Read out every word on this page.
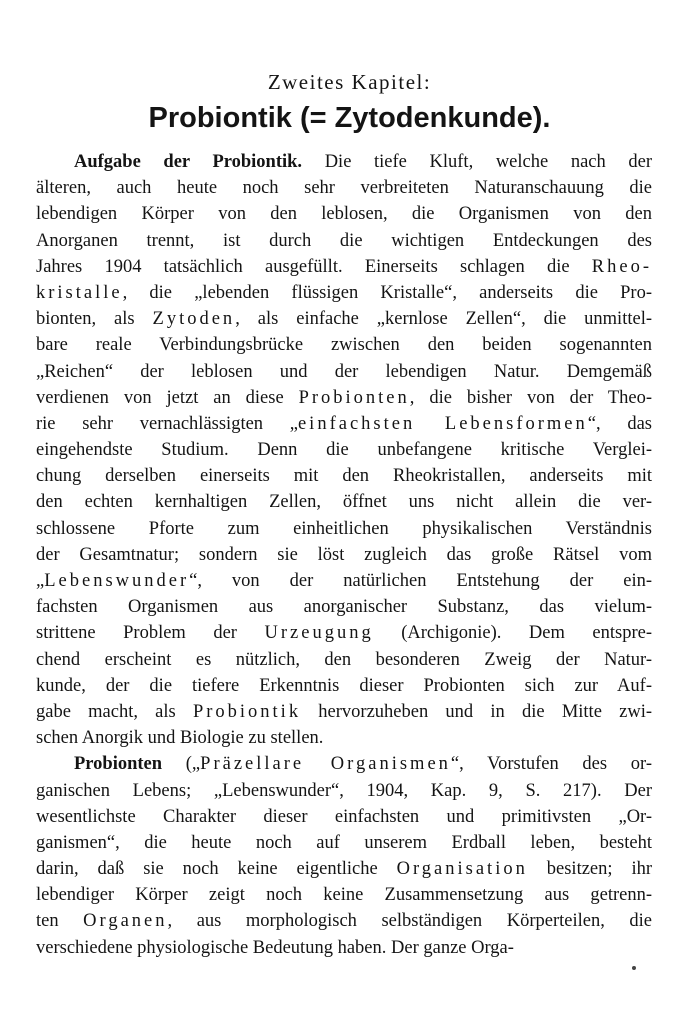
Zweites Kapitel:
Probiontik (= Zytodenkunde).
Aufgabe der Probiontik. Die tiefe Kluft, welche nach der
älteren, auch heute noch sehr verbreiteten Naturanschauung die
lebendigen Körper von den leblosen, die Organismen von den
Anorganen trennt, ist durch die wichtigen Entdeckungen des
Jahres 1904 tatsächlich ausgefüllt. Einerseits schlagen die Rheo-
kristalle, die „lebenden flüssigen Kristalle“, anderseits die Pro-
bionten, als Zytoden, als einfache „kernlose Zellen“, die unmittel-
bare reale Verbindungsbrücke zwischen den beiden sogenannten
„Reichen“ der leblosen und der lebendigen Natur. Demgemäß
verdienen von jetzt an diese Probionten, die bisher von der Theo-
rie sehr vernachlässigten „einfachsten Lebensformen“, das
eingehendste Studium. Denn die unbefangene kritische Verglei-
chung derselben einerseits mit den Rheokristallen, anderseits mit
den echten kernhaltigen Zellen, öffnet uns nicht allein die ver-
schlossene Pforte zum einheitlichen physikalischen Verständnis
der Gesamtnatur; sondern sie löst zugleich das große Rätsel vom
„Lebenswunder“, von der natürlichen Entstehung der ein-
fachsten Organismen aus anorganischer Substanz, das vielum-
strittene Problem der Urzeugung (Archigonie). Dem entspre-
chend erscheint es nützlich, den besonderen Zweig der Natur-
kunde, der die tiefere Erkenntnis dieser Probionten sich zur Auf-
gabe macht, als Probiontik hervorzuheben und in die Mitte zwi-
schen Anorgik und Biologie zu stellen.
Probionten („Präzellare Organismen“, Vorstufen des or-
ganischen Lebens; „Lebenswunder“, 1904, Kap. 9, S. 217). Der
wesentlichste Charakter dieser einfachsten und primitivsten „Or-
ganismen“, die heute noch auf unserem Erdball leben, besteht
darin, daß sie noch keine eigentliche Organisation besitzen; ihr
lebendiger Körper zeigt noch keine Zusammensetzung aus getrenn-
ten Organen, aus morphologisch selbständigen Körperteilen, die
verschiedene physiologische Bedeutung haben. Der ganze Orga-
